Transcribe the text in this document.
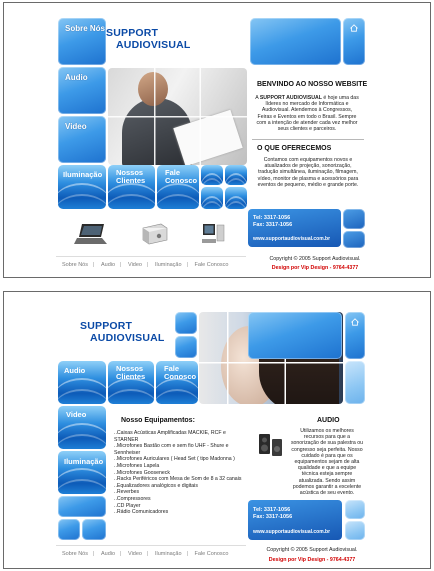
Sobre Nós
Audio
Video
Iluminação
SUPPORT
AUDIOVISUAL
Nossos Clientes
Fale Conosco
BENVINDO AO NOSSO WEBSITE
A SUPPORT AUDIOVISUAL é hoje uma das líderes no mercado de Informática e Audiovisual. Atendemos à Congressos, Feiras e Eventos em todo o Brasil. Sempre com a intenção de atender cada vez melhor seus clientes e parceiros.
O QUE OFERECEMOS
Contamos com equipamentos novos e atualizados de projeção, sonorização, tradução simultânea, iluminação, filmagem, vídeo, monitor de plasma e acessórios para eventos de pequeno, médio e grande porte.
Tel: 3317-1056
Fax: 3317-1056
www.supportaudiovisual.com.br
Copyright © 2005 Support Audiovisual.
Design por Vip Design - 9764-4377
Sobre Nós | Audio | Video | Iluminação | Fale Conosco
SUPPORT
AUDIOVISUAL
Audio	Nossos Clientes
Fale Conosco
Video
Iluminação
Nosso Equipamentos:
..Caixas Acústicas Amplificadas MACKIE, RCF e STARNER
..Microfones Bastão com e sem fio UHF - Shure e Sennheiser
..Microfones Auriculares ( Head Set ( tipo Madonna )
..Microfones Lapela
..Microfones Gooseneck
..Racks Periféricos com Mesa de Som de 8 a 32 canais
..Equalizadores analógicos e digitais
..Reverbes
..Compressores
..CD Player
..Rádio Comunicadores
AUDIO
Utilizamos os melhores recursos para que a sonorização de sua palestra ou congresso seja perfeita. Nosso cuidado é para que os equipamentos sejam de alta qualidade e que a equipe técnica esteja sempre atualizada. Sendo assim podemos garantir a excelente acústica de seu evento.
Tel: 3317-1056
Fax: 3317-1056
www.supportaudiovisual.com.br
Copyright © 2005 Support Audiovisual.
Design por Vip Design - 9764-4377
Sobre Nós | Audio | Video | Iluminação | Fale Conosco
